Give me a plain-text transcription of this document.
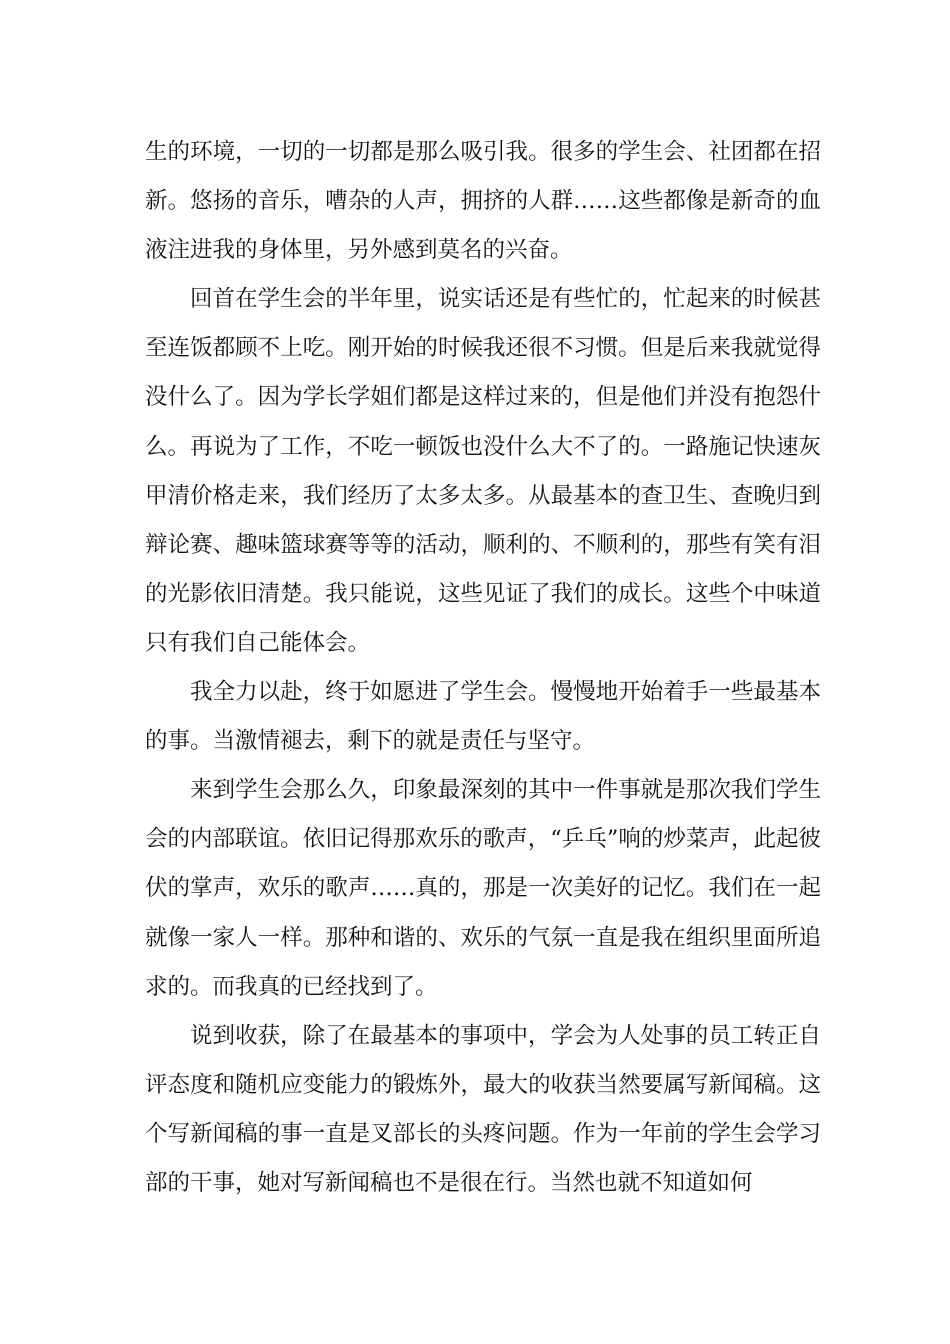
生的环境，一切的一切都是那么吸引我。很多的学生会、社团都在招新。悠扬的音乐，嘈杂的人声，拥挤的人群……这些都像是新奇的血液注进我的身体里，另外感到莫名的兴奋。

回首在学生会的半年里，说实话还是有些忙的，忙起来的时候甚至连饭都顾不上吃。刚开始的时候我还很不习惯。但是后来我就觉得没什么了。因为学长学姐们都是这样过来的，但是他们并没有抱怨什么。再说为了工作，不吃一顿饭也没什么大不了的。一路施记快速灰甲清价格走来，我们经历了太多太多。从最基本的查卫生、查晚归到辩论赛、趣味篮球赛等等的活动，顺利的、不顺利的，那些有笑有泪的光影依旧清楚。我只能说，这些见证了我们的成长。这些个中味道只有我们自己能体会。

我全力以赴，终于如愿进了学生会。慢慢地开始着手一些最基本的事。当激情褪去，剩下的就是责任与坚守。

来到学生会那么久，印象最深刻的其中一件事就是那次我们学生会的内部联谊。依旧记得那欢乐的歌声，“乒乓”响的炒菜声，此起彼伏的掌声，欢乐的歌声……真的，那是一次美好的记忆。我们在一起就像一家人一样。那种和谐的、欢乐的气氛一直是我在组织里面所追求的。而我真的已经找到了。

说到收获，除了在最基本的事项中，学会为人处事的员工转正自评态度和随机应变能力的锻炼外，最大的收获当然要属写新闻稿。这个写新闻稿的事一直是叉部长的头疼问题。作为一年前的学生会学习部的干事，她对写新闻稿也不是很在行。当然也就不知道如何
